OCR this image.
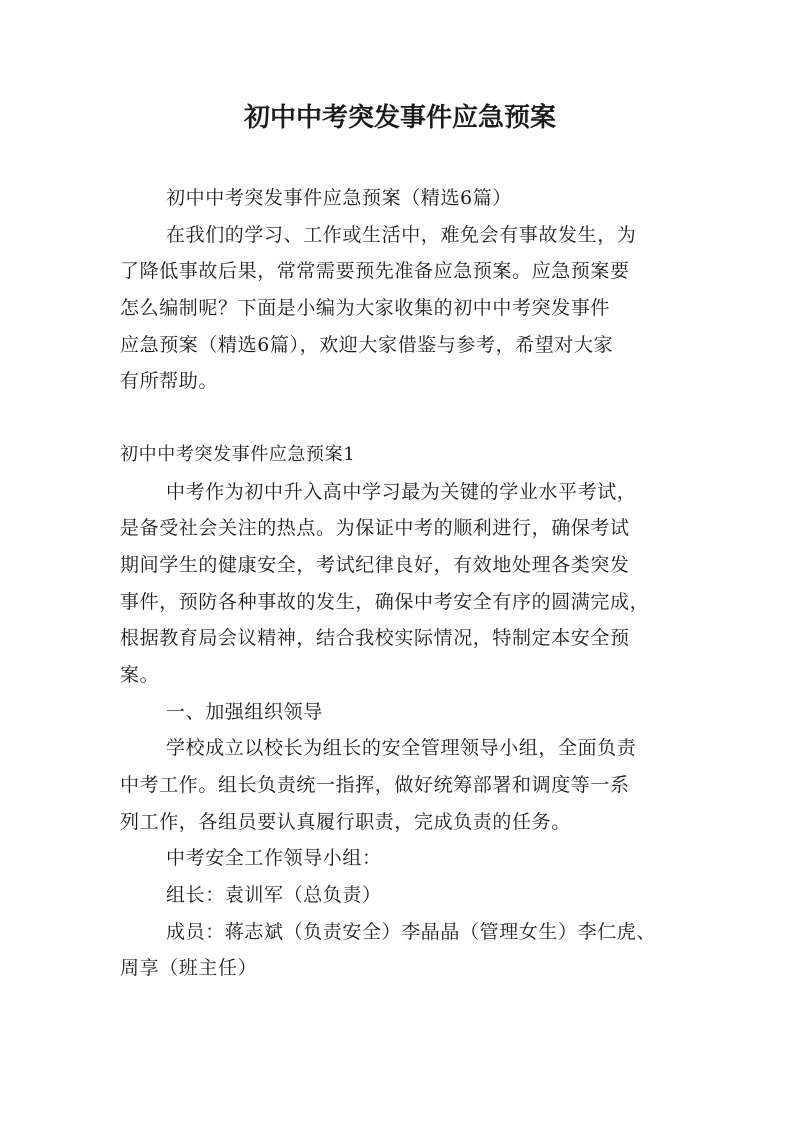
初中中考突发事件应急预案
初中中考突发事件应急预案（精选6篇）
在我们的学习、工作或生活中，难免会有事故发生，为
了降低事故后果，常常需要预先准备应急预案。应急预案要
怎么编制呢？下面是小编为大家收集的初中中考突发事件
应急预案（精选6篇），欢迎大家借鉴与参考，希望对大家
有所帮助。
初中中考突发事件应急预案1
中考作为初中升入高中学习最为关键的学业水平考试，
是备受社会关注的热点。为保证中考的顺利进行，确保考试
期间学生的健康安全，考试纪律良好，有效地处理各类突发
事件，预防各种事故的发生，确保中考安全有序的圆满完成，
根据教育局会议精神，结合我校实际情况，特制定本安全预
案。
一、加强组织领导
学校成立以校长为组长的安全管理领导小组，全面负责
中考工作。组长负责统一指挥，做好统筹部署和调度等一系
列工作，各组员要认真履行职责，完成负责的任务。
中考安全工作领导小组：
组长：袁训军（总负责）
成员：蒋志斌（负责安全）李晶晶（管理女生）李仁虎、
周享（班主任）
